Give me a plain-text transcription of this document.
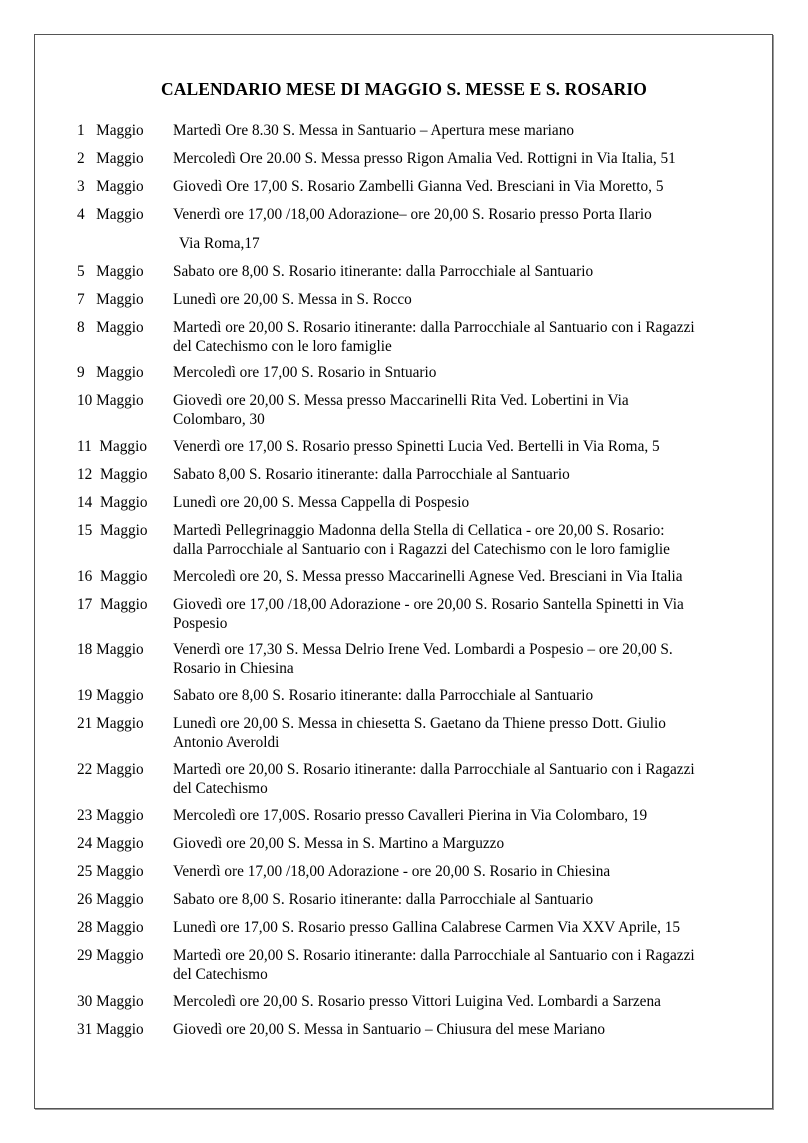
CALENDARIO MESE DI MAGGIO S. MESSE E S. ROSARIO
1   Maggio Martedì Ore 8.30 S. Messa in Santuario – Apertura mese mariano
2   Maggio Mercoledì Ore 20.00 S. Messa presso Rigon Amalia Ved. Rottigni in Via Italia, 51
3   Maggio Giovedì Ore 17,00 S. Rosario Zambelli Gianna Ved. Bresciani in Via Moretto, 5
4   Maggio Venerdì ore 17,00 /18,00 Adorazione– ore 20,00 S. Rosario presso Porta Ilario
Via Roma,17
5   Maggio Sabato ore 8,00 S. Rosario itinerante: dalla Parrocchiale al Santuario
7   Maggio Lunedì ore 20,00 S. Messa in S. Rocco
8   Maggio Martedì ore 20,00 S. Rosario itinerante: dalla Parrocchiale al Santuario con i Ragazzi
del Catechismo con le loro famiglie
9   Maggio Mercoledì ore 17,00 S. Rosario in Sntuario
10 Maggio Giovedì ore 20,00 S. Messa presso Maccarinelli Rita Ved. Lobertini in Via
Colombaro, 30
11  Maggio Venerdì ore 17,00 S. Rosario presso Spinetti Lucia Ved. Bertelli in Via Roma, 5
12  Maggio Sabato 8,00 S. Rosario itinerante: dalla Parrocchiale al Santuario
14  Maggio Lunedì ore 20,00 S. Messa Cappella di Pospesio
15  Maggio Martedì Pellegrinaggio Madonna della Stella di Cellatica - ore 20,00 S. Rosario:
dalla Parrocchiale al Santuario con i Ragazzi del Catechismo con le loro famiglie
16  Maggio Mercoledì ore 20, S. Messa presso Maccarinelli Agnese Ved. Bresciani in Via Italia
17  Maggio Giovedì ore 17,00 /18,00 Adorazione - ore 20,00 S. Rosario Santella Spinetti in Via
Pospesio
18 Maggio Venerdì ore 17,30 S. Messa Delrio Irene Ved. Lombardi a Pospesio – ore 20,00 S.
Rosario in Chiesina
19 Maggio Sabato ore 8,00 S. Rosario itinerante: dalla Parrocchiale al Santuario
21 Maggio Lunedì ore 20,00 S. Messa in chiesetta S. Gaetano da Thiene presso Dott. Giulio
Antonio Averoldi
22 Maggio Martedì ore 20,00 S. Rosario itinerante: dalla Parrocchiale al Santuario con i Ragazzi
del Catechismo
23 Maggio Mercoledì ore 17,00S. Rosario presso Cavalleri Pierina in Via Colombaro, 19
24 Maggio Giovedì ore 20,00 S. Messa in S. Martino a Marguzzo
25 Maggio Venerdì ore 17,00 /18,00 Adorazione - ore 20,00 S. Rosario in Chiesina
26 Maggio Sabato ore 8,00 S. Rosario itinerante: dalla Parrocchiale al Santuario
28 Maggio Lunedì ore 17,00 S. Rosario presso Gallina Calabrese Carmen Via XXV Aprile, 15
29 Maggio Martedì ore 20,00 S. Rosario itinerante: dalla Parrocchiale al Santuario con i Ragazzi
del Catechismo
30 Maggio Mercoledì ore 20,00 S. Rosario presso Vittori Luigina Ved. Lombardi a Sarzena
31 Maggio Giovedì ore 20,00 S. Messa in Santuario – Chiusura del mese Mariano
